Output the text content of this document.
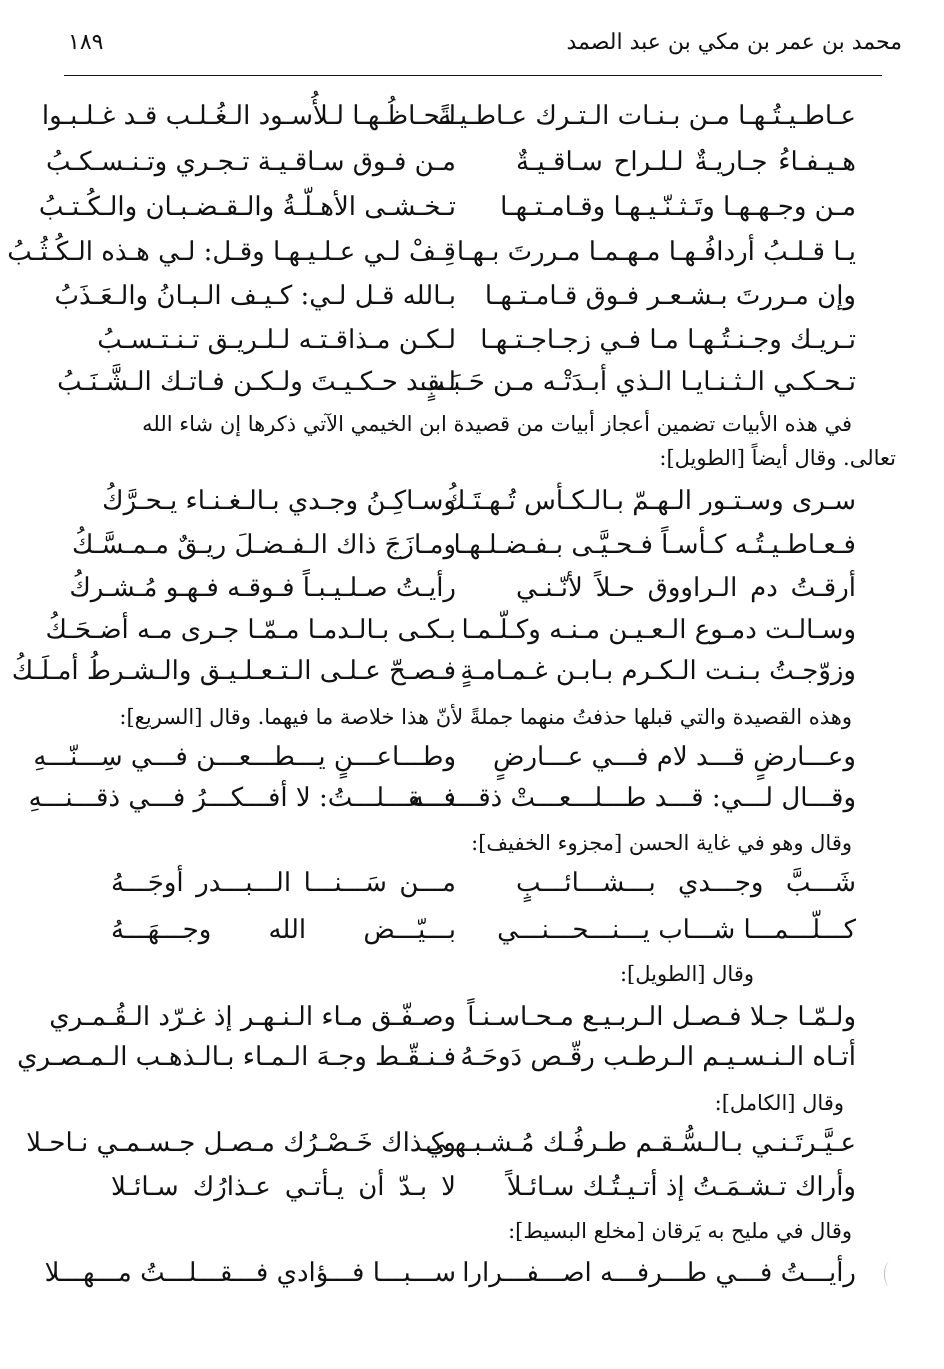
محمد بن عمر بن مكي بن عبد الصمد
١٨٩
عـاطـيـتُـهـا مـن بـنـات الـتـرك عـاطـيـةً
لـحـاظُـهـا لـلأُسـود الـغُـلـب قـد غـلـبـوا
هـيـفـاءُ جـاريـةٌ لـلـراح سـاقـيـةٌ
مـن فـوق سـاقـيـة تـجـري وتـنـسـكـبُ
مـن وجـهـهـا وتَـثـنّـيـهـا وقـامـتـهـا
تـخـشـى الأهـلّـةُ والـقـضـبـان والـكُـتـبُ
يـا قـلـبُ أردافُـهـا مـهـمـا مـررتَ بـهـا
قِـفْ لـي عـلـيـهـا وقـل: لـي هـذه الـكُـثُـبُ
وإن مـررتَ بـشـعـر فـوق قـامـتـهـا
بـالله قـل لـي: كـيـف الـبـانُ والـعَـذَبُ
تـريـك وجـنـتُـهـا مـا فـي زجـاجـتـهـا
لـكـن مـذاقـتـه لـلـريـق تـنـتـسـبُ
تـحـكـي الـثـنـايـا الـذي أبـدَتْـه مـن حَـبَـبٍ
لـقـد حـكـيـتَ ولـكـن فـاتـك الـشَّـنَـبُ
في هذه الأبيات تضمين أعجاز أبيات من قصيدة ابن الخيمي الآتي ذكرها إن شاء الله
تعالى. وقال أيضاً [الطويل]:
سـرى وسـتـور الـهـمّ بـالـكـأس تُـهـتَـكُ
وسـاكِـنُ وجـدي بـالـغـنـاء يـحـرَّكُ
فـعـاطـيـتُـه كـأسـاً فـحـيَّـى بـفـضـلـهـا
ومـازَجَ ذاك الـفـضـلَ ريـقٌ مـمـسَّـكُ
أرقـتُ دم الـراووق حـلاً لأنّـنـي
رأيـتُ صـلـيـبـاً فـوقـه فـهـو مُـشـركُ
وسـالـت دمـوع الـعـيـن مـنـه وكـلّـمـا
بـكـى بـالـدمـا مـمّـا جـرى مـه أضـحَـكُ
وزوّجـتُ بـنـت الـكـرم بـابـن غـمـامـةٍ
فـصـحّ عـلـى الـتـعـلـيـق والـشـرطُ أمـلَـكُ
وهذه القصيدة والتي قبلها حذفتُ منهما جملةً لأنّ هذا خلاصة ما فيهما. وقال [السريع]:
وعـــارضٍ قـــد لام فـــي عـــارضٍ
وطـــاعـــنٍ يـــطـــعـــن فـــي سِـــنّـــهِ
وقـــال لـــي: قـــد طـــلـــعـــتْ ذقـــنـــه
فـــقـــلـــتُ: لا أفـــكـــرُ فـــي ذقـــنـــهِ
وقال وهو في غاية الحسن [مجزوء الخفيف]:
شَـــبَّ وجـــدي بـــشـــائـــبٍ
مـــن سَـــنـــا الـــبـــدر أوجَـــهُ
كـــلّـــمـــا شـــاب يـــنـــحـــنـــي
بـــيّـــض الله وجـــهَـــهُ
وقال [الطويل]:
ولـمّـا جـلا فـصـل الـربـيـع مـحـاسـنـاً
وصـفّـق مـاء الـنـهـر إذ غـرّد الـقُـمـري
أتـاه الـنـسـيـم الـرطـب رقّـص دَوحَـهُ
فـنـقّـط وجـهَ الـمـاء بـالـذهـب الـمـصـري
وقال [الكامل]:
عـيَّـرتَـنـي بـالـسُّـقـم طـرفُـك مُـشـبـهـي
وكـذاك خَـصْـرُك مـصـل جـسـمـي نـاحـلا
وأراك تـشـمَـتُ إذ أتـيـتُـك سـائـلاً
لا بـدّ أن يـأتـي عـذارُك سـائـلا
وقال في مليح به يَرقان [مخلع البسيط]:
رأيـــتُ فـــي طـــرفـــه اصـــفـــرارا
ســـبـــا فـــؤادي فـــقـــلـــتُ مـــهـــلا
